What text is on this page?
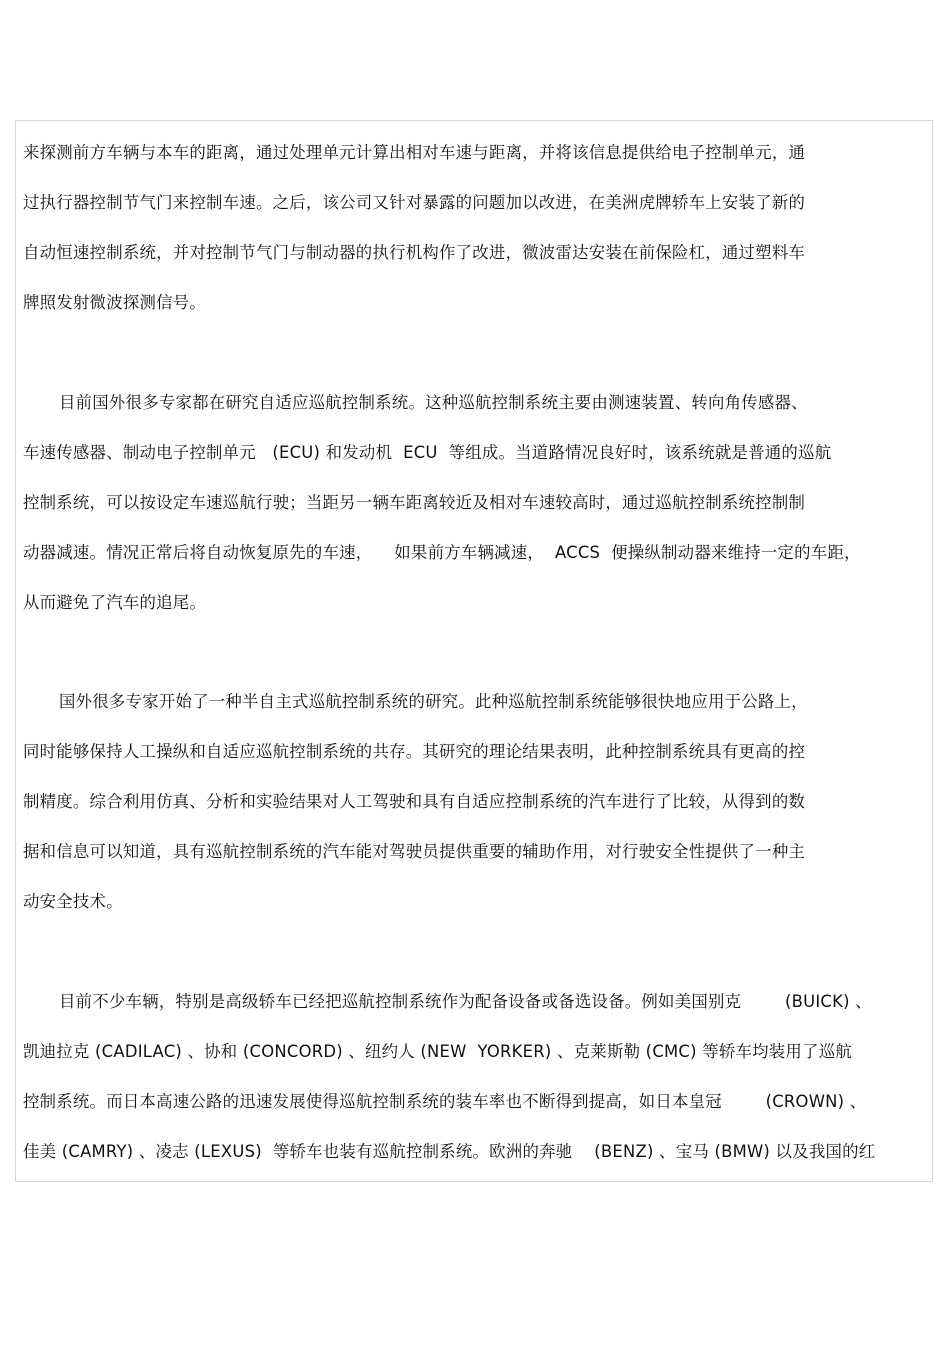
来探测前方车辆与本车的距离，通过处理单元计算出相对车速与距离，并将该信息提供给电子控制单元，通
过执行器控制节气门来控制车速。之后，该公司又针对暴露的问题加以改进，在美洲虎牌轿车上安装了新的
自动恒速控制系统，并对控制节气门与制动器的执行机构作了改进，微波雷达安装在前保险杠，通过塑料车
牌照发射微波探测信号。
目前国外很多专家都在研究自适应巡航控制系统。这种巡航控制系统主要由测速装置、转向角传感器、
车速传感器、制动电子控制单元   (ECU) 和发动机  ECU  等组成。当道路情况良好时，该系统就是普通的巡航
控制系统，可以按设定车速巡航行驶；当距另一辆车距离较近及相对车速较高时，通过巡航控制系统控制制
动器减速。情况正常后将自动恢复原先的车速，    如果前方车辆减速，  ACCS  便操纵制动器来维持一定的车距，
从而避免了汽车的追尾。
国外很多专家开始了一种半自主式巡航控制系统的研究。此种巡航控制系统能够很快地应用于公路上，
同时能够保持人工操纵和自适应巡航控制系统的共存。其研究的理论结果表明，此种控制系统具有更高的控
制精度。综合利用仿真、分析和实验结果对人工驾驶和具有自适应控制系统的汽车进行了比较，从得到的数
据和信息可以知道，具有巡航控制系统的汽车能对驾驶员提供重要的辅助作用，对行驶安全性提供了一种主
动安全技术。
目前不少车辆，特别是高级轿车已经把巡航控制系统作为配备设备或备选设备。例如美国别克        (BUICK) 、
凯迪拉克 (CADILAC) 、协和 (CONCORD) 、纽约人 (NEW  YORKER) 、克莱斯勒 (CMC) 等轿车均装用了巡航
控制系统。而日本高速公路的迅速发展使得巡航控制系统的装车率也不断得到提高，如日本皇冠        (CROWN) 、
佳美 (CAMRY) 、凌志 (LEXUS)  等轿车也装有巡航控制系统。欧洲的奔驰    (BENZ) 、宝马 (BMW) 以及我国的红
